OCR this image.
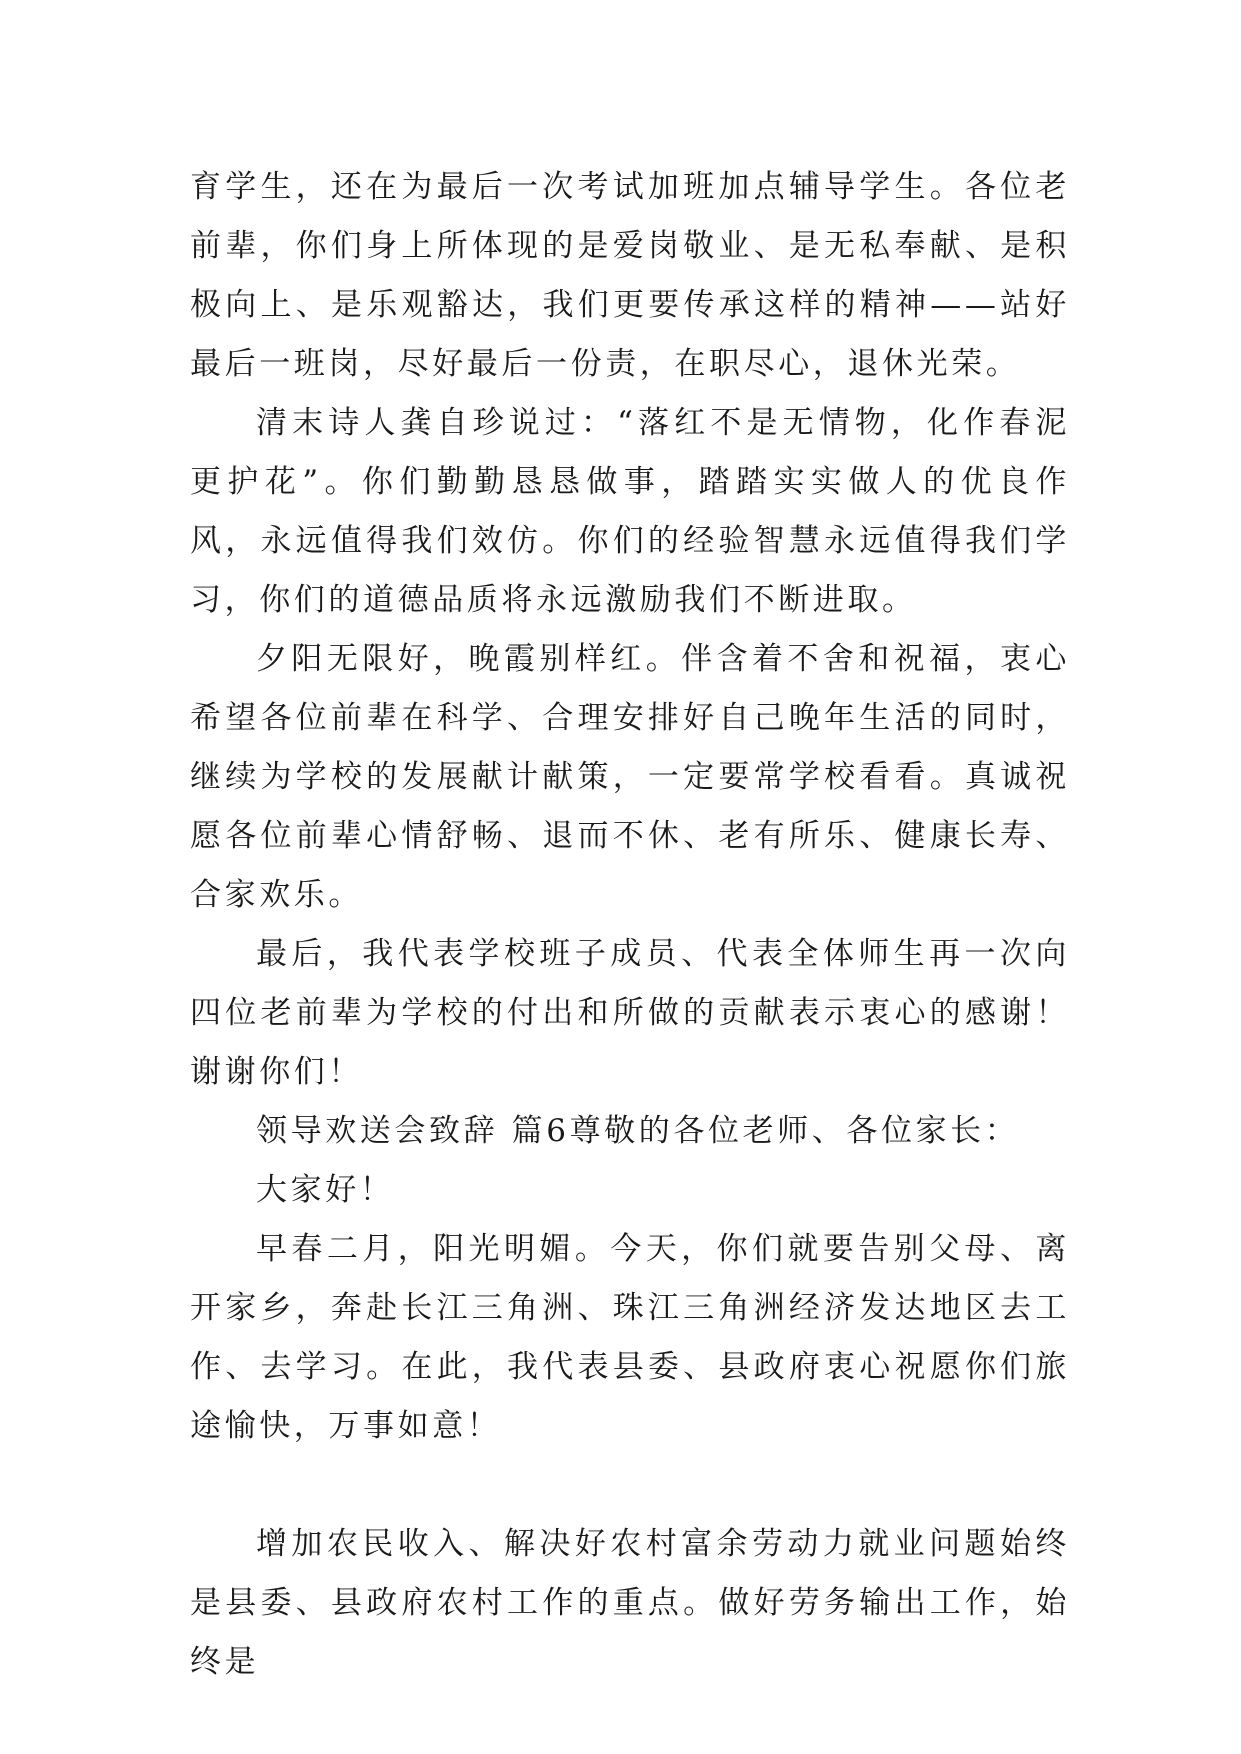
育学生，还在为最后一次考试加班加点辅导学生。各位老前辈，你们身上所体现的是爱岗敬业、是无私奉献、是积极向上、是乐观豁达，我们更要传承这样的精神——站好最后一班岗，尽好最后一份责，在职尽心，退休光荣。

清末诗人龚自珍说过：“落红不是无情物，化作春泥更护花”。你们勤勤恳恳做事，踏踏实实做人的优良作风，永远值得我们效仿。你们的经验智慧永远值得我们学习，你们的道德品质将永远激励我们不断进取。

夕阳无限好，晚霞别样红。伴含着不舍和祝福，衷心希望各位前辈在科学、合理安排好自己晚年生活的同时，继续为学校的发展献计献策，一定要常学校看看。真诚祝愿各位前辈心情舒畅、退而不休、老有所乐、健康长寿、合家欢乐。

最后，我代表学校班子成员、代表全体师生再一次向四位老前辈为学校的付出和所做的贡献表示衷心的感谢！谢谢你们！

领导欢送会致辞 篇6尊敬的各位老师、各位家长：

大家好！

早春二月，阳光明媚。今天，你们就要告别父母、离开家乡，奔赴长江三角洲、珠江三角洲经济发达地区去工作、去学习。在此，我代表县委、县政府衷心祝愿你们旅途愉快，万事如意！

增加农民收入、解决好农村富余劳动力就业问题始终是县委、县政府农村工作的重点。做好劳务输出工作，始终是
